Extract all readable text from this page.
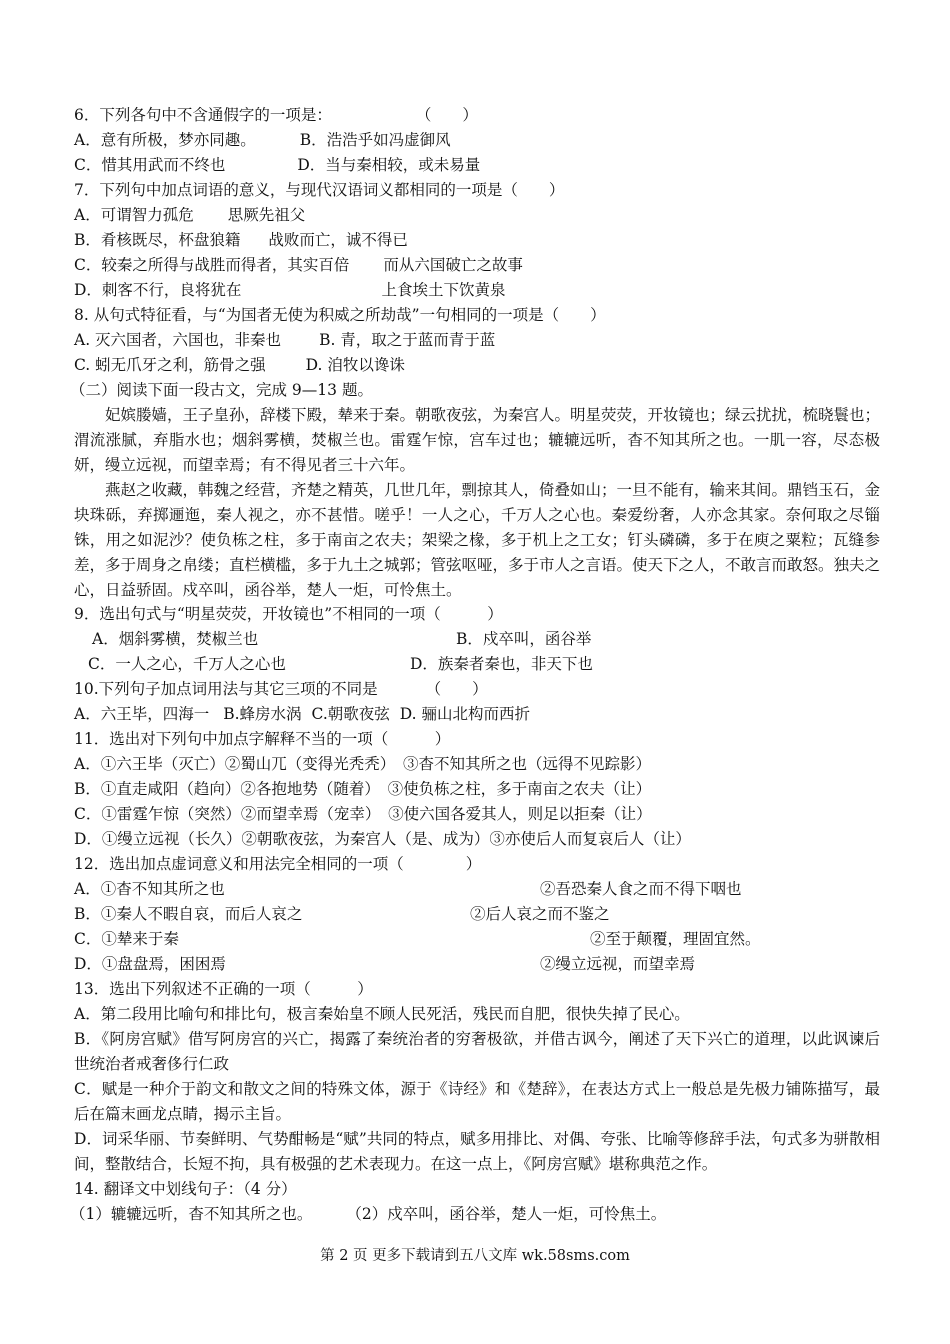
6．下列各句中不含通假字的一项是：	（　　）
A．意有所极，梦亦同趣。	B．浩浩乎如冯虚御风
C．惜其用武而不终也	D．当与秦相较，或未易量
7．下列句中加点词语的意义，与现代汉语词义都相同的一项是（　　）
A．可谓智力孤危 思厥先祖父
B．肴核既尽，杯盘狼籍 战败而亡，诚不得已
C．较秦之所得与战胜而得者，其实百倍 而从六国破亡之故事
D．刺客不行，良将犹在	上食埃土下饮黄泉
8. 从句式特征看，与“为国者无使为积威之所劫哉”一句相同的一项是（　　）
A. 灭六国者，六国也，非秦也 B. 青，取之于蓝而青于蓝
C. 蚓无爪牙之利，筋骨之强	D. 洎牧以谗诛
（二）阅读下面一段古文，完成 9—13 题。
妃嫔媵嫱，王子皇孙，辞楼下殿，辇来于秦。朝歌夜弦，为秦宫人。明星荧荧，开妆镜也；绿云扰扰，梳晓鬟也；渭流涨腻，弃脂水也；烟斜雾横，焚椒兰也。雷霆乍惊，宫车过也；辘辘远听，杳不知其所之也。一肌一容，尽态极妍，缦立远视，而望幸焉；有不得见者三十六年。
燕赵之收藏，韩魏之经营，齐楚之精英，几世几年，剽掠其人，倚叠如山；一旦不能有，输来其间。鼎铛玉石，金块珠砾，弃掷逦迤，秦人视之，亦不甚惜。嗟乎！一人之心，千万人之心也。秦爱纷奢，人亦念其家。奈何取之尽锱铢，用之如泥沙？使负栋之柱，多于南亩之农夫；架梁之椽，多于机上之工女；钉头磷磷，多于在庾之粟粒；瓦缝参差，多于周身之帛缕；直栏横槛，多于九土之城郭；管弦呕哑，多于市人之言语。使天下之人，不敢言而敢怒。独夫之心，日益骄固。戍卒叫，函谷举，楚人一炬，可怜焦土。
9．选出句式与“明星荧荧，开妆镜也”不相同的一项（　　　）
A．烟斜雾横，焚椒兰也	B．戍卒叫，函谷举
C．一人之心，千万人之心也	D．族秦者秦也，非天下也
10.下列句子加点词用法与其它三项的不同是	（　　）
A．六王毕，四海一 B.蜂房水涡 C.朝歌夜弦 D. 骊山北构而西折
11．选出对下列句中加点字解释不当的一项（　　　）
A．①六王毕（灭亡）②蜀山兀（变得光秃秃）　③杳不知其所之也（远得不见踪影）
B．①直走咸阳（趋向）②各抱地势（随着）　③使负栋之柱，多于南亩之农夫（让）
C．①雷霆乍惊（突然）②而望幸焉（宠幸）　③使六国各爱其人，则足以拒秦（让）
D．①缦立远视（长久）②朝歌夜弦，为秦宫人（是、成为）③亦使后人而复哀后人（让）
12．选出加点虚词意义和用法完全相同的一项（　　　　）
A．①杳不知其所之也	②吾恐秦人食之而不得下咽也
B．①秦人不暇自哀，而后人哀之	②后人哀之而不鉴之
C．①辇来于秦	②至于颠覆，理固宜然。
D．①盘盘焉，困困焉	②缦立远视，而望幸焉
13．选出下列叙述不正确的一项（　　　）
A．第二段用比喻句和排比句，极言秦始皇不顾人民死活，残民而自肥，很快失掉了民心。
B．《阿房宫赋》借写阿房宫的兴亡，揭露了秦统治者的穷奢极欲，并借古讽今，阐述了天下兴亡的道理，以此讽谏后世统治者戒奢侈行仁政
C．赋是一种介于韵文和散文之间的特殊文体，源于《诗经》和《楚辞》，在表达方式上一般总是先极力铺陈描写，最后在篇末画龙点睛，揭示主旨。
D．词采华丽、节奏鲜明、气势酣畅是“赋”共同的特点，赋多用排比、对偶、夸张、比喻等修辞手法，句式多为骈散相间，整散结合，长短不拘，具有极强的艺术表现力。在这一点上，《阿房宫赋》堪称典范之作。
14. 翻译文中划线句子：（4 分）
（1）辘辘远听，杳不知其所之也。 （2）戍卒叫，函谷举，楚人一炬，可怜焦土。
第 2 页 更多下载请到五八文库 wk.58sms.com
